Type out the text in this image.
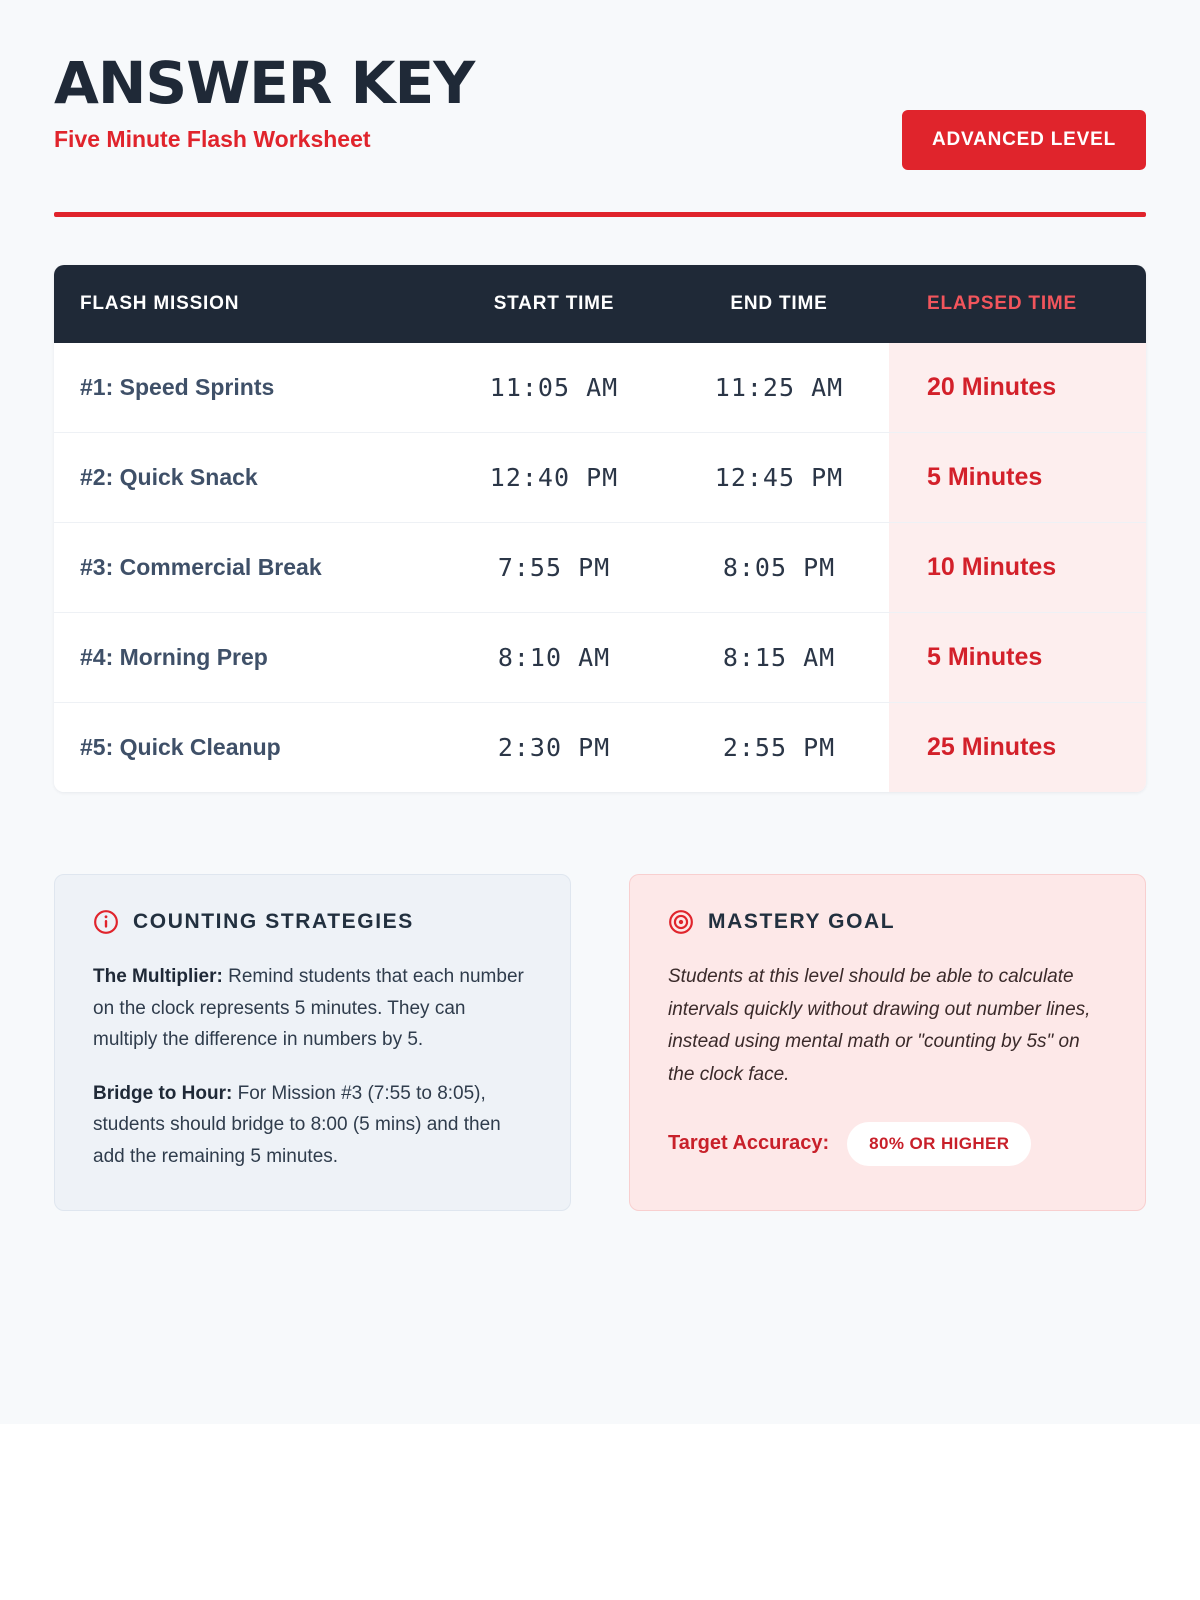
ANSWER KEY

Five Minute Flash Worksheet	ADVANCED LEVEL
FLASH MISSION	START TIME	END TIME	ELAPSED TIME
#1: Speed Sprints	11:05 AM	11:25 AM	20 Minutes
#2: Quick Snack	12:40 PM	12:45 PM	5 Minutes
#3: Commercial Break	7:55 PM	8:05 PM	10 Minutes
#4: Morning Prep	8:10 AM	8:15 AM	5 Minutes
#5: Quick Cleanup	2:30 PM	2:55 PM	25 Minutes
COUNTING STRATEGIES

The Multiplier: Remind students that each number on the clock represents 5 minutes. They can multiply the difference in numbers by 5.

Bridge to Hour: For Mission #3 (7:55 to 8:05), students should bridge to 8:00 (5 mins) and then add the remaining 5 minutes.

MASTERY GOAL

Students at this level should be able to calculate intervals quickly without drawing out number lines, instead using mental math or "counting by 5s" on the clock face.

Target Accuracy:	80% OR HIGHER
